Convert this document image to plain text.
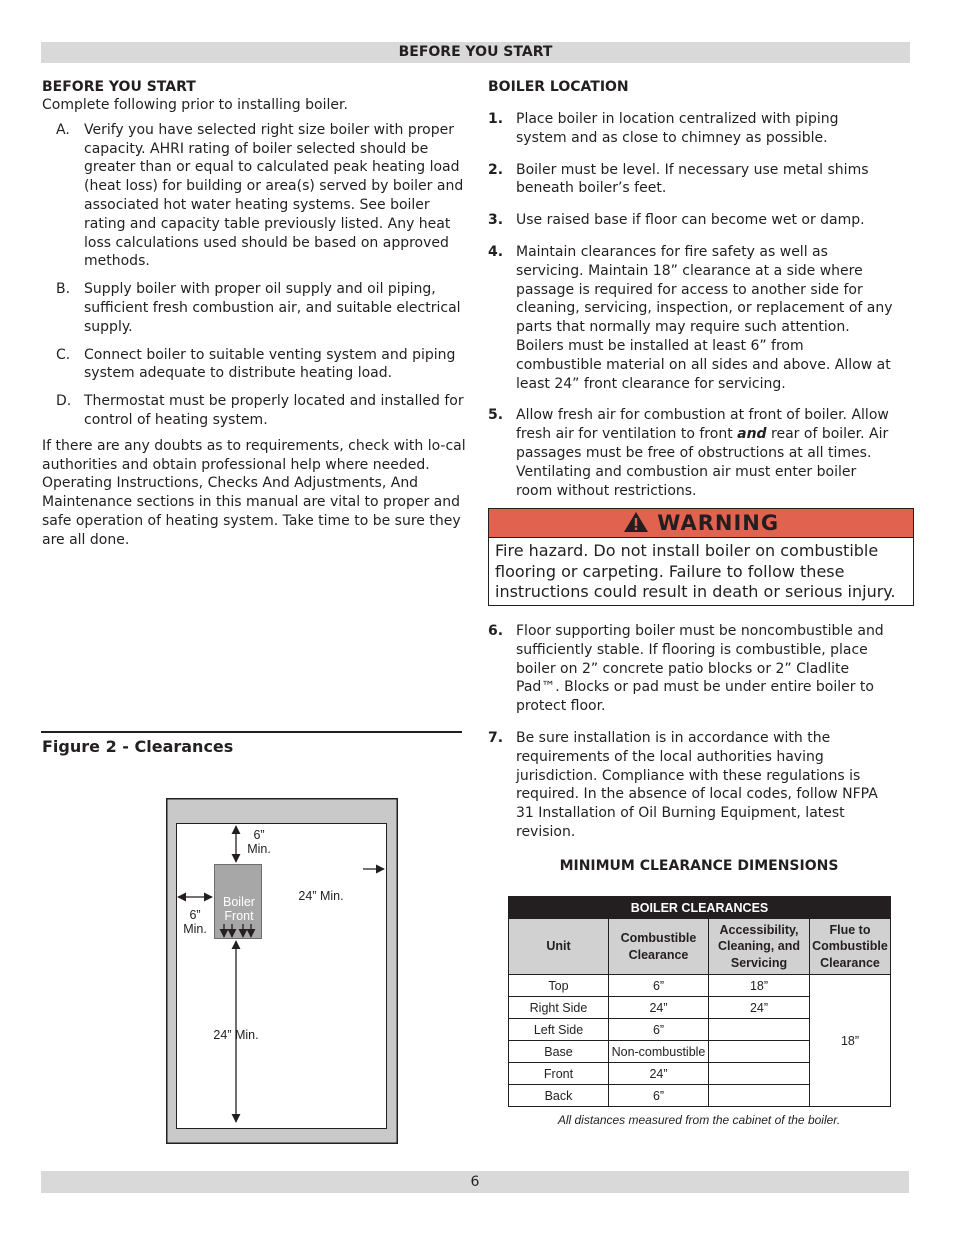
BEFORE YOU START
BEFORE YOU START

Complete following prior to installing boiler.

A. Verify you have selected right size boiler with proper capacity. AHRI rating of boiler selected should be greater than or equal to calculated peak heating load (heat loss) for building or area(s) served by boiler and associated hot water heating systems. See boiler rating and capacity table previously listed. Any heat loss calculations used should be based on approved methods.
B. Supply boiler with proper oil supply and oil piping, sufficient fresh combustion air, and suitable electrical supply.
C. Connect boiler to suitable venting system and piping system adequate to distribute heating load.
D. Thermostat must be properly located and installed for control of heating system.

If there are any doubts as to requirements, check with lo-cal authorities and obtain professional help where needed. Operating Instructions, Checks And Adjustments, And Maintenance sections in this manual are vital to proper and safe operation of heating system. Take time to be sure they are all done.

BOILER LOCATION
1. Place boiler in location centralized with piping system and as close to chimney as possible.
2. Boiler must be level. If necessary use metal shims beneath boiler’s feet.
3. Use raised base if floor can become wet or damp.
4. Maintain clearances for fire safety as well as servicing. Maintain 18” clearance at a side where passage is required for access to another side for cleaning, servicing, inspection, or replacement of any parts that normally may require such attention. Boilers must be installed at least 6” from combustible material on all sides and above. Allow at least 24” front clearance for servicing.
5. Allow fresh air for combustion at front of boiler. Allow fresh air for ventilation to front and rear of boiler. Air passages must be free of obstructions at all times. Ventilating and combustion air must enter boiler room without restrictions.
WARNING
Fire hazard. Do not install boiler on combustible flooring or carpeting. Failure to follow these instructions could result in death or serious injury.
6. Floor supporting boiler must be noncombustible and sufficiently stable. If flooring is combustible, place boiler on 2” concrete patio blocks or 2” Cladlite Pad™. Blocks or pad must be under entire boiler to protect floor.
7. Be sure installation is in accordance with the requirements of the local authorities having jurisdiction. Compliance with these regulations is required. In the absence of local codes, follow NFPA 31 Installation of Oil Burning Equipment, latest revision.
Figure 2 - Clearances
6”
Min.
Boiler
Front
24” Min.
6”
Min.
24” Min.
MINIMUM CLEARANCE DIMENSIONS
BOILER CLEARANCES			
Unit	Combustible Clearance	Accessibility, Cleaning, and Servicing	Flue to Combustible Clearance
Top	6”	18”	18”
Right Side	24”	24”	
Left Side	6”		
Base	Non-combustible		
Front	24”		
Back	6”		
All distances measured from the cabinet of the boiler.
6
